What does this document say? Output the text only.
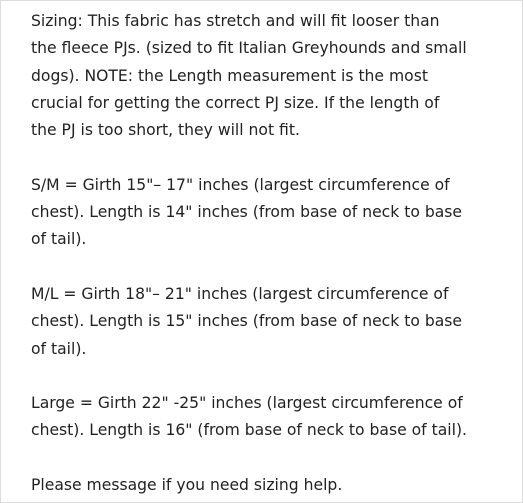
Sizing: This fabric has stretch and will fit looser than
the fleece PJs. (sized to fit Italian Greyhounds and small
dogs). NOTE: the Length measurement is the most
crucial for getting the correct PJ size. If the length of
the PJ is too short, they will not fit.

S/M = Girth 15"– 17" inches (largest circumference of
chest). Length is 14" inches (from base of neck to base
of tail).

M/L = Girth 18"– 21" inches (largest circumference of
chest). Length is 15" inches (from base of neck to base
of tail).

Large = Girth 22" -25" inches (largest circumference of
chest). Length is 16" (from base of neck to base of tail).

Please message if you need sizing help.
